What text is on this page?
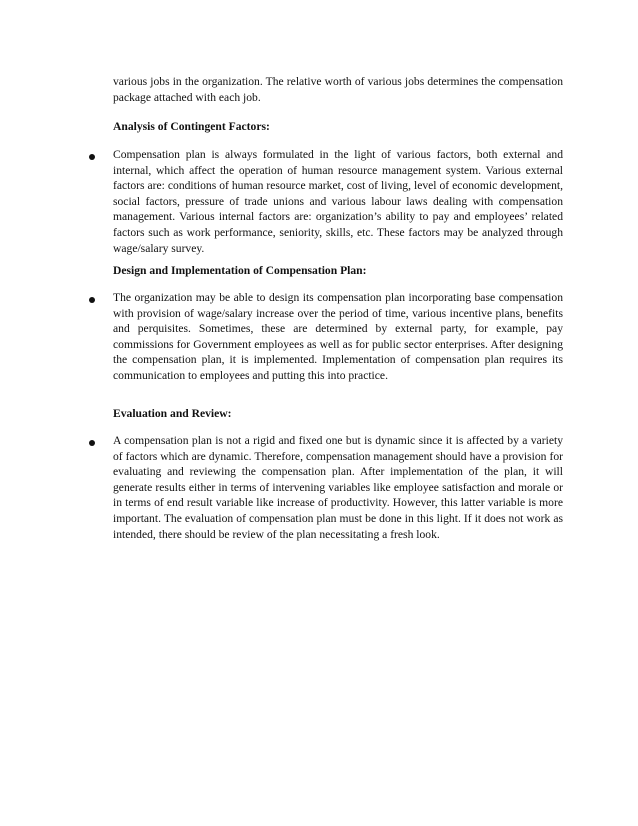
various jobs in the organization. The relative worth of various jobs determines the compensation package attached with each job.
Analysis of Contingent Factors:
Compensation plan is always formulated in the light of various factors, both external and internal, which affect the operation of human resource management system. Various external factors are: conditions of human resource market, cost of living, level of economic development, social factors, pressure of trade unions and various labour laws dealing with compensation management. Various internal factors are: organization’s ability to pay and employees’ related factors such as work performance, seniority, skills, etc. These factors may be analyzed through wage/salary survey.
Design and Implementation of Compensation Plan:
The organization may be able to design its compensation plan incorporating base compensation with provision of wage/salary increase over the period of time, various incentive plans, benefits and perquisites. Sometimes, these are determined by external party, for example, pay commissions for Government employees as well as for public sector enterprises. After designing the compensation plan, it is implemented. Implementation of compensation plan requires its communication to employees and putting this into practice.
Evaluation and Review:
A compensation plan is not a rigid and fixed one but is dynamic since it is affected by a variety of factors which are dynamic. Therefore, compensation management should have a provision for evaluating and reviewing the compensation plan. After implementation of the plan, it will generate results either in terms of intervening variables like employee satisfaction and morale or in terms of end result variable like increase of productivity. However, this latter variable is more important. The evaluation of compensation plan must be done in this light. If it does not work as intended, there should be review of the plan necessitating a fresh look.
